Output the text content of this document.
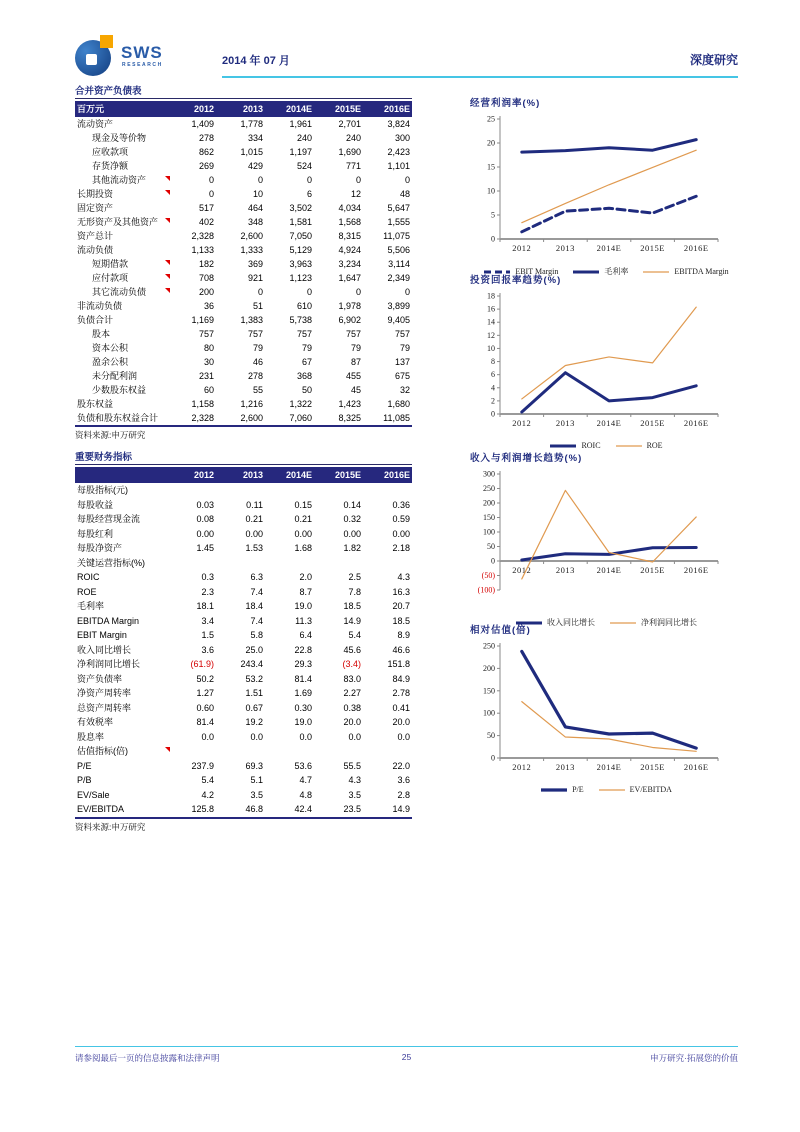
SWS
RESEARCH	2014 年 07 月	深度研究
合并资产负债表
百万元	2012	2013	2014E	2015E	2016E
流动资产	1,409	1,778	1,961	2,701	3,824
现金及等价物	278	334	240	240	300
应收款项	862	1,015	1,197	1,690	2,423
存货净额	269	429	524	771	1,101
其他流动资产	0	0	0	0	0
长期投资	0	10	6	12	48
固定资产	517	464	3,502	4,034	5,647
无形资产及其他资产	402	348	1,581	1,568	1,555
资产总计	2,328	2,600	7,050	8,315	11,075
流动负债	1,133	1,333	5,129	4,924	5,506
短期借款	182	369	3,963	3,234	3,114
应付款项	708	921	1,123	1,647	2,349
其它流动负债	200	0	0	0	0
非流动负债	36	51	610	1,978	3,899
负债合计	1,169	1,383	5,738	6,902	9,405
股本	757	757	757	757	757
资本公积	80	79	79	79	79
盈余公积	30	46	67	87	137
未分配利润	231	278	368	455	675
少数股东权益	60	55	50	45	32
股东权益	1,158	1,216	1,322	1,423	1,680
负债和股东权益合计	2,328	2,600	7,060	8,325	11,085
资料来源:申万研究
重要财务指标
2012	2013	2014E	2015E	2016E
每股指标(元)
每股收益	0.03	0.11	0.15	0.14	0.36
每股经营现金流	0.08	0.21	0.21	0.32	0.59
每股红利	0.00	0.00	0.00	0.00	0.00
每股净资产	1.45	1.53	1.68	1.82	2.18
关键运营指标(%)
ROIC	0.3	6.3	2.0	2.5	4.3
ROE	2.3	7.4	8.7	7.8	16.3
毛利率	18.1	18.4	19.0	18.5	20.7
EBITDA Margin	3.4	7.4	11.3	14.9	18.5
EBIT Margin	1.5	5.8	6.4	5.4	8.9
收入同比增长	3.6	25.0	22.8	45.6	46.6
净利润同比增长	(61.9)	243.4	29.3	(3.4)	151.8
资产负债率	50.2	53.2	81.4	83.0	84.9
净资产周转率	1.27	1.51	1.69	2.27	2.78
总资产周转率	0.60	0.67	0.30	0.38	0.41
有效税率	81.4	19.2	19.0	20.0	20.0
股息率	0.0	0.0	0.0	0.0	0.0
估值指标(倍)
P/E	237.9	69.3	53.6	55.5	22.0
P/B	5.4	5.1	4.7	4.3	3.6
EV/Sale	4.2	3.5	4.8	3.5	2.8
EV/EBITDA	125.8	46.8	42.4	23.5	14.9
资料来源:申万研究
经营利润率(%)
0
5
10
15
20
25
2012	2013	2014E 2015E 2016E
EBIT Margin	毛利率	EBITDA Margin
投资回报率趋势(%)
0
2
4
6
8
10
12
14
16
18
2012	2013	2014E 2015E 2016E
ROIC	ROE
收入与利润增长趋势(%)
(100)
(50)
0
50
100
150
200
250
300
2012	2013	2014E 2015E 2016E
收入同比增长	净利润同比增长
相对估值(倍)
0
50
100
150
200
250
2012	2013	2014E 2015E 2016E
P/E	EV/EBITDA
25
请参阅最后一页的信息披露和法律声明	申万研究·拓展您的价值
